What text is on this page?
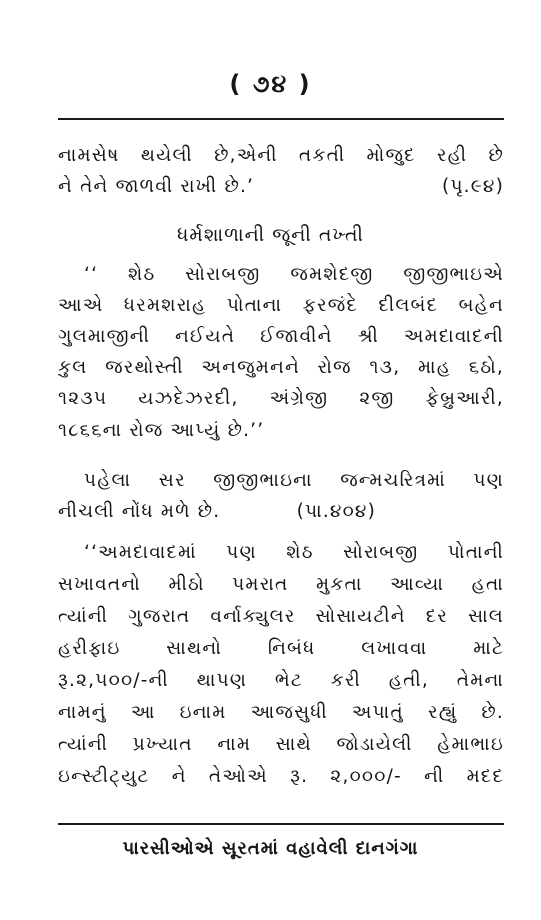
( ૭૪ )
નામસેષ થયેલી છે,એની તકતી મોજુદ રહી છે
ને તેને જાળવી રાખી છે.’	(પૃ.૯૪)
ધર્મશાળાની જૂની તખ્તી
‘‘ શેઠ સોરાબજી જમશેદજી જીજીભાઇએ
આએ ધરમશરાહ પોતાના ફરજંદે દીલબંદ બહેન
ગુલમાજીની નઈયતે ઈજાવીને શ્રી અમદાવાદની
કુલ જરથોસ્તી અનજુમનને રોજ ૧૩, માહ ૬ઠો,
૧૨૩૫ યઝદેઝરદી, અંગ્રેજી ૨જી ફેબ્રુઆરી,
૧૮૬૬ના રોજ આપ્યું છે.’’
પહેલા સર જીજીભાઇના જન્મચરિત્રમાં પણ
નીચલી નોંધ મળે છે.	(પા.૪૦૪)
‘‘અમદાવાદમાં પણ શેઠ સોરાબજી પોતાની
સખાવતનો મીઠો પમરાત મુકતા આવ્યા હતા
ત્યાંની ગુજરાત વર્નાક્યુલર સોસાયટીને દર સાલ
હરીફાઇ સાથનો નિબંધ લખાવવા માટે
રૂ.૨,૫૦૦/-ની થાપણ ભેટ કરી હતી, તેમના
નામનું આ ઇનામ આજસુધી અપાતું રહ્યું છે.
ત્યાંની પ્રખ્યાત નામ સાથે જોડાયેલી હેમાભાઇ
ઇન્સ્ટીટ્યુટ ને તેઓએ રૂ. ૨,૦૦૦/- ની મદદ
પારસીઓએ સૂરતમાં વહાવેલી દાનગંગા
